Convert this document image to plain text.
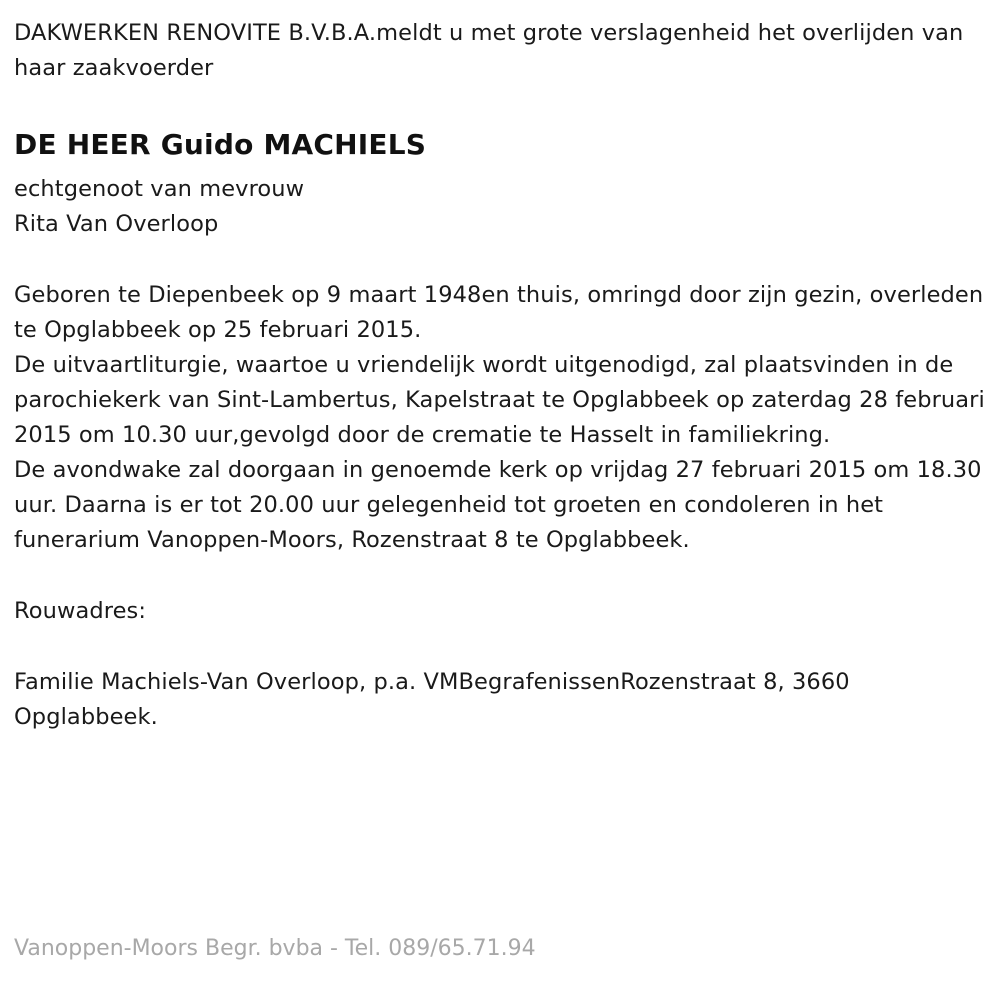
DAKWERKEN RENOVITE B.V.B.A.meldt u met grote verslagenheid het overlijden van haar zaakvoerder

DE HEER Guido MACHIELS

echtgenoot van mevrouw

Rita Van Overloop

Geboren te Diepenbeek op 9 maart 1948en thuis, omringd door zijn gezin, overleden te Opglabbeek op 25 februari 2015.

De uitvaartliturgie, waartoe u vriendelijk wordt uitgenodigd, zal plaatsvinden in de parochiekerk van Sint-Lambertus, Kapelstraat te Opglabbeek op zaterdag 28 februari 2015 om 10.30 uur,gevolgd door de crematie te Hasselt in familiekring.

De avondwake zal doorgaan in genoemde kerk op vrijdag 27 februari 2015 om 18.30 uur. Daarna is er tot 20.00 uur gelegenheid tot groeten en condoleren in het funerarium Vanoppen-Moors, Rozenstraat 8 te Opglabbeek.

Rouwadres:

Familie Machiels-Van Overloop, p.a. VMBegrafenissenRozenstraat 8, 3660 Opglabbeek.

Vanoppen-Moors Begr. bvba - Tel. 089/65.71.94
